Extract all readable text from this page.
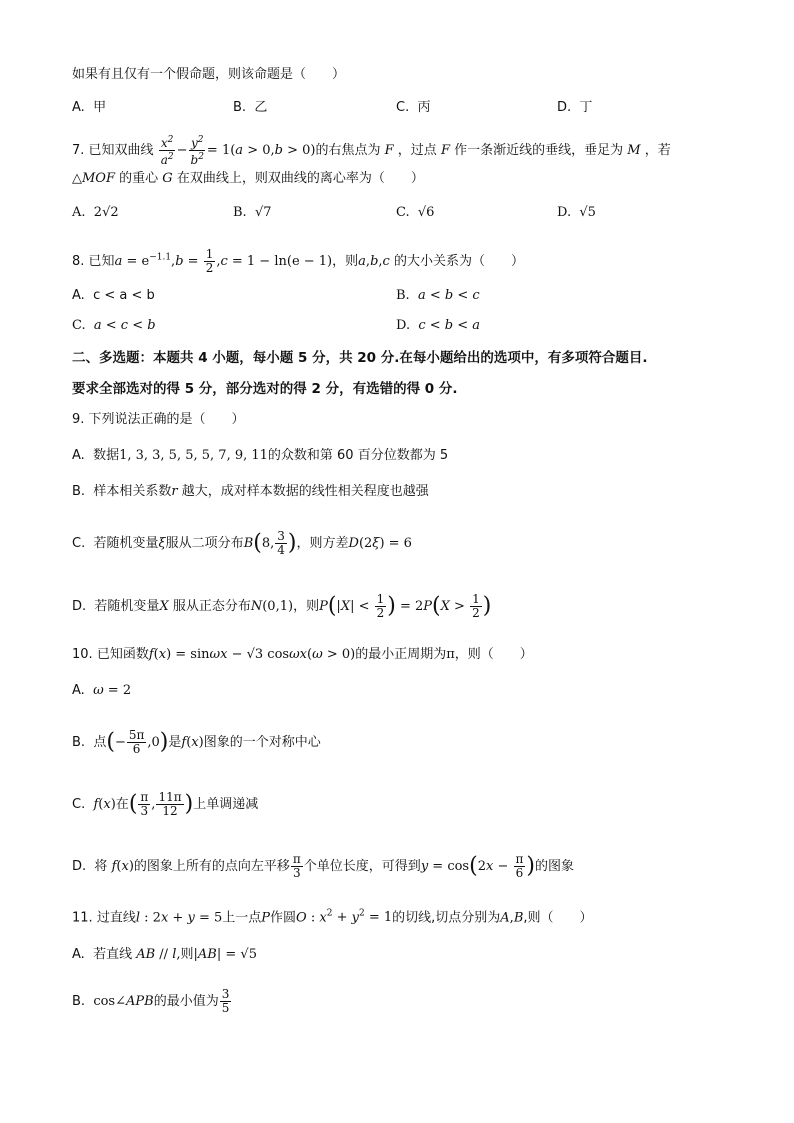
如果有且仅有一个假命题，则该命题是（　　）
A. 甲	B. 乙	C. 丙	D. 丁
7. 已知双曲线 $\frac{x^2}{a^2} - \frac{y^2}{b^2} = 1(a > 0,b > 0)$的右焦点为 F ，过点 F 作一条渐近线的垂线，垂足为 M ，若
△MOF 的重心 G 在双曲线上，则双曲线的离心率为（　　）
A. 2√2	B. √7	C. √6	D. √5
8. 已知$a = e^{-1.1},b = \frac{1}{2} ,c = 1 - \ln(e - 1)$，则a,b,c 的大小关系为（　　）
A. c < a < b	B. a < b < c
C. a < c < b	D. c < b < a
二、多选题：本题共 4 小题，每小题 5 分，共 20 分.在每小题给出的选项中，有多项符合题目.
要求全部选对的得 5 分，部分选对的得 2 分，有选错的得 0 分.
9. 下列说法正确的是（　　）
A. 数据1, 3, 3, 5, 5, 5, 7, 9, 11的众数和第 60 百分位数都为 5
B. 样本相关系数r 越大，成对样本数据的线性相关程度也越强
C. 若随机变量ξ服从二项分布B(8, $\frac{3}{4}$ )，则方差D(2ξ) = 6
D. 若随机变量X 服从正态分布N(0,1)，则$P(|X| < \frac{1}{2}$ ) = $2P(X > \frac{1}{2}$ )
10. 已知函数f(x) = sinωx − √3 cosωx(ω > 0)的最小正周期为π，则（　　）
A. ω = 2
B. 点(− $\frac{5\pi}{6} ,0$)是f(x)图象的一个对称中心
C. f(x)在( $\frac{\pi}{3}$ , $\frac{11\pi}{12}$ )上单调递减
D. 将 f(x)的图象上所有的点向左平移 $\frac{\pi}{3}$ 个单位长度，可得到$y = \cos(2x - \frac{\pi}{6}$ )的图象
11. 过直线l : 2x + y = 5上一点P作圆O : $x^2 + y^2 = 1$的切线,切点分别为A,B,则（　　）
A. 若直线 AB // l,则|AB| = √5
B. cos∠APB的最小值为 $\frac{3}{5}$
